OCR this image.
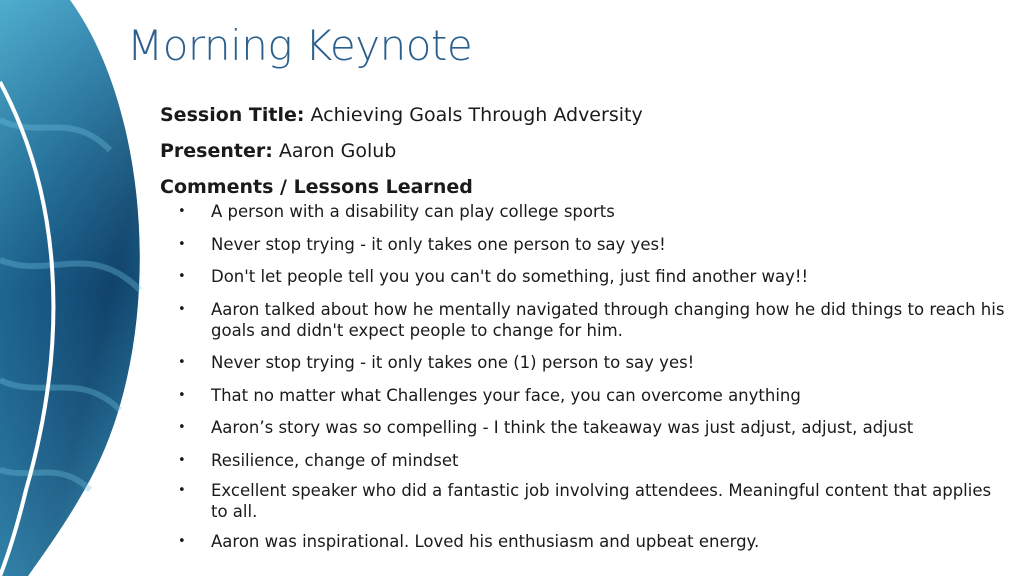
Morning Keynote
Session Title: Achieving Goals Through Adversity
Presenter: Aaron Golub
Comments / Lessons Learned
• A person with a disability can play college sports
• Never stop trying - it only takes one person to say yes!
• Don't let people tell you you can't do something, just find another way!!
• Aaron talked about how he mentally navigated through changing how he did things to reach his goals and didn't expect people to change for him.
• Never stop trying - it only takes one (1) person to say yes!
• That no matter what Challenges your face, you can overcome anything
• Aaron’s story was so compelling - I think the takeaway was just adjust, adjust, adjust
• Resilience, change of mindset
• Excellent speaker who did a fantastic job involving attendees. Meaningful content that applies to all.
• Aaron was inspirational. Loved his enthusiasm and upbeat energy.
